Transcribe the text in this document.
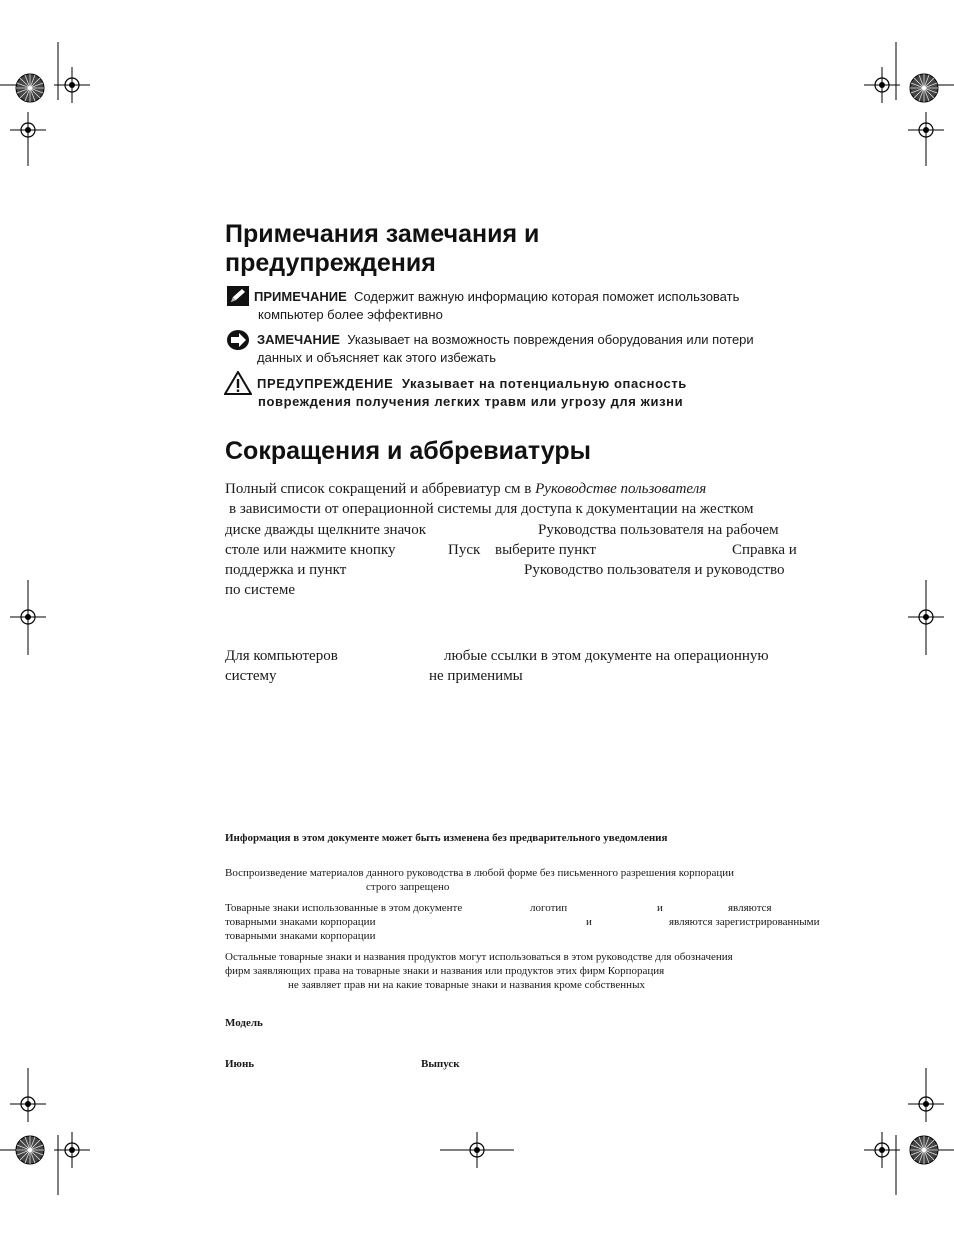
Примечания замечания и предупреждения
ПРИМЕЧАНИЕ Содержит важную информацию которая поможет использовать
компьютер более эффективно
ЗАМЕЧАНИЕ Указывает на возможность повреждения оборудования или потери
данных и объясняет как этого избежать
ПРЕДУПРЕЖДЕНИЕ Указывает на потенциальную опасность
повреждения получения легких травм или угрозу для жизни
Сокращения и аббревиатуры
Полный список сокращений и аббревиатур см в Руководстве пользователя
в зависимости от операционной системы для доступа к документации на жестком
диске дважды щелкните значок	Руководства пользователя на рабочем
столе или нажмите кнопку	Пуск выберите пункт	Справка и
поддержка и пункт	Руководство пользователя и руководство
по системе
Для компьютеров	любые ссылки в этом документе на операционную
систему	не применимы
Информация в этом документе может быть изменена без предварительного уведомления
Воспроизведение материалов данного руководства в любой форме без письменного разрешения корпорации
строго запрещено
Товарные знаки использованные в этом документе	логотип	и	являются
товарными знаками корпорации	и	являются зарегистрированными
товарными знаками корпорации
Остальные товарные знаки и названия продуктов могут использоваться в этом руководстве для обозначения
фирм заявляющих права на товарные знаки и названия или продуктов этих фирм Корпорация
не заявляет прав ни на какие товарные знаки и названия кроме собственных
Модель
Июнь	Выпуск
